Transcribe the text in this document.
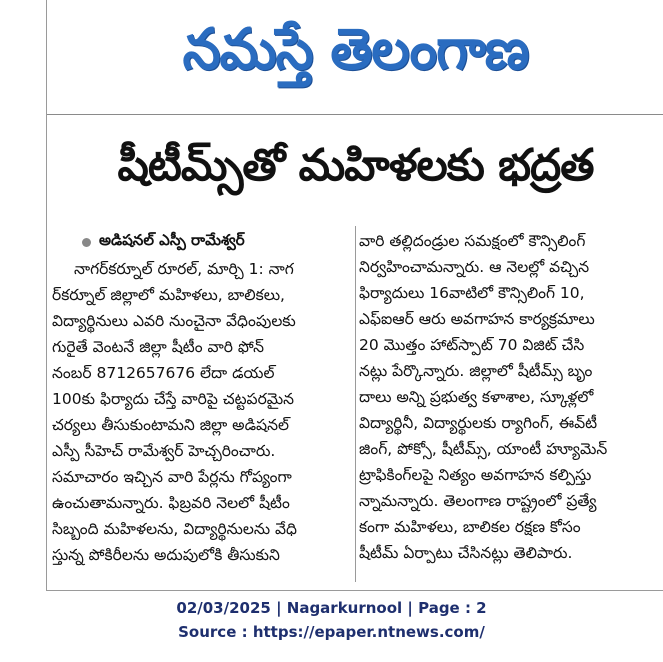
నమస్తే తెలంగాణ
షీటీమ్స్‌తో మహిళలకు భద్రత
అడిషనల్ ఎస్పీ రామేశ్వర్
నాగర్‌కర్నూల్ రూరల్, మార్చి 1: నాగ
ర్‌కర్నూల్ జిల్లాలో మహిళలు, బాలికలు,
విద్యార్థినులు ఎవరి నుంచైనా వేధింపులకు
గురైతే వెంటనే జిల్లా షీటీం వారి ఫోన్
నంబర్ 8712657676 లేదా డయల్
100కు ఫిర్యాదు చేస్తే వారిపై చట్టపరమైన
చర్యలు తీసుకుంటామని జిల్లా అడిషనల్
ఎస్పీ సీహెచ్ రామేశ్వర్ హెచ్చరించారు.
సమాచారం ఇచ్చిన వారి పేర్లను గోప్యంగా
ఉంచుతామన్నారు. ఫిబ్రవరి నెలలో షీటీం
సిబ్బంది మహిళలను, విద్యార్థినులను వేధి
స్తున్న పోకిరీలను అదుపులోకి తీసుకుని
వారి తల్లిదండ్రుల సమక్షంలో కౌన్సిలింగ్
నిర్వహించామన్నారు. ఆ నెలల్లో వచ్చిన
ఫిర్యాదులు 16వాటిలో కౌన్సిలింగ్ 10,
ఎఫ్ఐఆర్ ఆరు అవగాహన కార్యక్రమాలు
20 మొత్తం హాట్‌స్పాట్ 70 విజిట్ చేసి
నట్లు పేర్కొన్నారు. జిల్లాలో షీటీమ్స్ బృం
దాలు అన్ని ప్రభుత్వ కళాశాల, స్కూళ్లలో
విద్యార్థినీ, విద్యార్థులకు ర్యాగింగ్, ఈవ్‌టీ
జింగ్, పోక్సో, షీటీమ్స్, యాంటీ హ్యూమెన్
ట్రాఫికింగ్‌లపై నిత్యం అవగాహన కల్పిస్తు
న్నామన్నారు. తెలంగాణ రాష్ట్రంలో ప్రత్యే
కంగా మహిళలు, బాలికల రక్షణ కోసం
షీటీమ్ ఏర్పాటు చేసినట్లు తెలిపారు.
02/03/2025 | Nagarkurnool | Page : 2
Source : https://epaper.ntnews.com/
